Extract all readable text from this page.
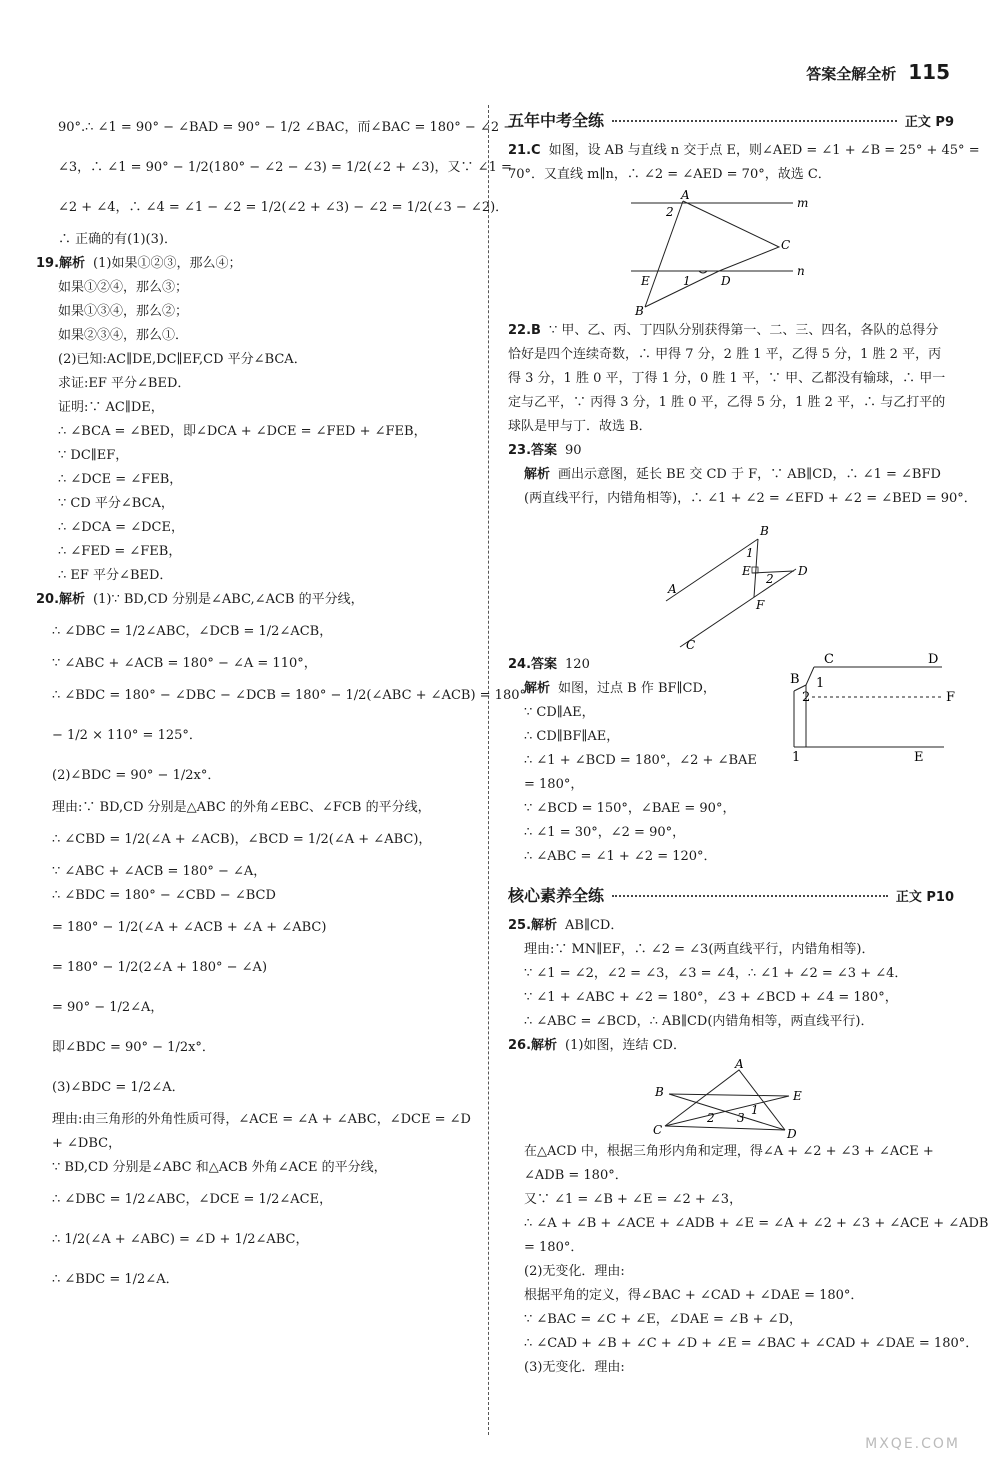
答案全解全析 115
90°.∴ ∠1 = 90° − ∠BAD = 90° − 1/2 ∠BAC，而∠BAC = 180° − ∠2 −
∠3，∴ ∠1 = 90° − 1/2(180° − ∠2 − ∠3) = 1/2(∠2 + ∠3)，又∵ ∠1 =
∠2 + ∠4，∴ ∠4 = ∠1 − ∠2 = 1/2(∠2 + ∠3) − ∠2 = 1/2(∠3 − ∠2)．
∴ 正确的有(1)(3)．
19.解析 (1)如果①②③，那么④；
如果①②④，那么③；
如果①③④，那么②；
如果②③④，那么①．
(2)已知:AC∥DE,DC∥EF,CD 平分∠BCA．
求证:EF 平分∠BED．
证明:∵ AC∥DE，
∴ ∠BCA = ∠BED，即∠DCA + ∠DCE = ∠FED + ∠FEB，
∵ DC∥EF，
∴ ∠DCE = ∠FEB，
∵ CD 平分∠BCA，
∴ ∠DCA = ∠DCE，
∴ ∠FED = ∠FEB，
∴ EF 平分∠BED．
20.解析 (1)∵ BD,CD 分别是∠ABC,∠ACB 的平分线，
∴ ∠DBC = 1/2∠ABC，∠DCB = 1/2∠ACB，
∵ ∠ABC + ∠ACB = 180° − ∠A = 110°，
∴ ∠BDC = 180° − ∠DBC − ∠DCB = 180° − 1/2(∠ABC + ∠ACB) = 180°
− 1/2 × 110° = 125°．
(2)∠BDC = 90° − 1/2x°．
理由:∵ BD,CD 分别是△ABC 的外角∠EBC、∠FCB 的平分线，
∴ ∠CBD = 1/2(∠A + ∠ACB)，∠BCD = 1/2(∠A + ∠ABC)，
∵ ∠ABC + ∠ACB = 180° − ∠A，
∴ ∠BDC = 180° − ∠CBD − ∠BCD
= 180° − 1/2(∠A + ∠ACB + ∠A + ∠ABC)
= 180° − 1/2(2∠A + 180° − ∠A)
= 90° − 1/2∠A，
即∠BDC = 90° − 1/2x°．
(3)∠BDC = 1/2∠A．
理由:由三角形的外角性质可得，∠ACE = ∠A + ∠ABC，∠DCE = ∠D
+ ∠DBC，
∵ BD,CD 分别是∠ABC 和△ACB 外角∠ACE 的平分线，
∴ ∠DBC = 1/2∠ABC，∠DCE = 1/2∠ACE，
∴ 1/2(∠A + ∠ABC) = ∠D + 1/2∠ABC，
∴ ∠BDC = 1/2∠A．
五年中考全练	正文 P9
21.C 如图，设 AB 与直线 n 交于点 E，则∠AED = ∠1 + ∠B = 25° + 45° =
70°．又直线 m∥n，∴ ∠2 = ∠AED = 70°，故选 C．
A
2
m
C
E	1	D
n
B
22.B ∵ 甲、乙、丙、丁四队分别获得第一、二、三、四名，各队的总得分
恰好是四个连续奇数，∴ 甲得 7 分，2 胜 1 平，乙得 5 分，1 胜 2 平，丙
得 3 分，1 胜 0 平，丁得 1 分，0 胜 1 平，∵ 甲、乙都没有输球，∴ 甲一
定与乙平，∵ 丙得 3 分，1 胜 0 平，乙得 5 分，1 胜 2 平，∴ 与乙打平的
球队是甲与丁．故选 B．
23.答案 90
解析 画出示意图，延长 BE 交 CD 于 F，∵ AB∥CD，∴ ∠1 = ∠BFD
(两直线平行，内错角相等)，∴ ∠1 + ∠2 = ∠EFD + ∠2 = ∠BED = 90°．
B
1
E
2
D
A
F
C
24.答案 120
解析 如图，过点 B 作 BF∥CD，
∵ CD∥AE，
∴ CD∥BF∥AE，
∴ ∠1 + ∠BCD = 180°，∠2 + ∠BAE
= 180°，
∵ ∠BCD = 150°，∠BAE = 90°，
∴ ∠1 = 30°，∠2 = 90°，
∴ ∠ABC = ∠1 + ∠2 = 120°．
C	D
B 1
2	F
1	E
核心素养全练	正文 P10
25.解析 AB∥CD．
理由:∵ MN∥EF，∴ ∠2 = ∠3(两直线平行，内错角相等)．
∵ ∠1 = ∠2，∠2 = ∠3，∠3 = ∠4，∴ ∠1 + ∠2 = ∠3 + ∠4．
∵ ∠1 + ∠ABC + ∠2 = 180°，∠3 + ∠BCD + ∠4 = 180°，
∴ ∠ABC = ∠BCD，∴ AB∥CD(内错角相等，两直线平行)．
26.解析 (1)如图，连结 CD．
A
B	E
C
2 3
1
D
在△ACD 中，根据三角形内角和定理，得∠A + ∠2 + ∠3 + ∠ACE +
∠ADB = 180°．
又∵ ∠1 = ∠B + ∠E = ∠2 + ∠3，
∴ ∠A + ∠B + ∠ACE + ∠ADB + ∠E = ∠A + ∠2 + ∠3 + ∠ACE + ∠ADB
= 180°．
(2)无变化．理由:
根据平角的定义，得∠BAC + ∠CAD + ∠DAE = 180°．
∵ ∠BAC = ∠C + ∠E，∠DAE = ∠B + ∠D，
∴ ∠CAD + ∠B + ∠C + ∠D + ∠E = ∠BAC + ∠CAD + ∠DAE = 180°．
(3)无变化．理由:
MXQE.COM
